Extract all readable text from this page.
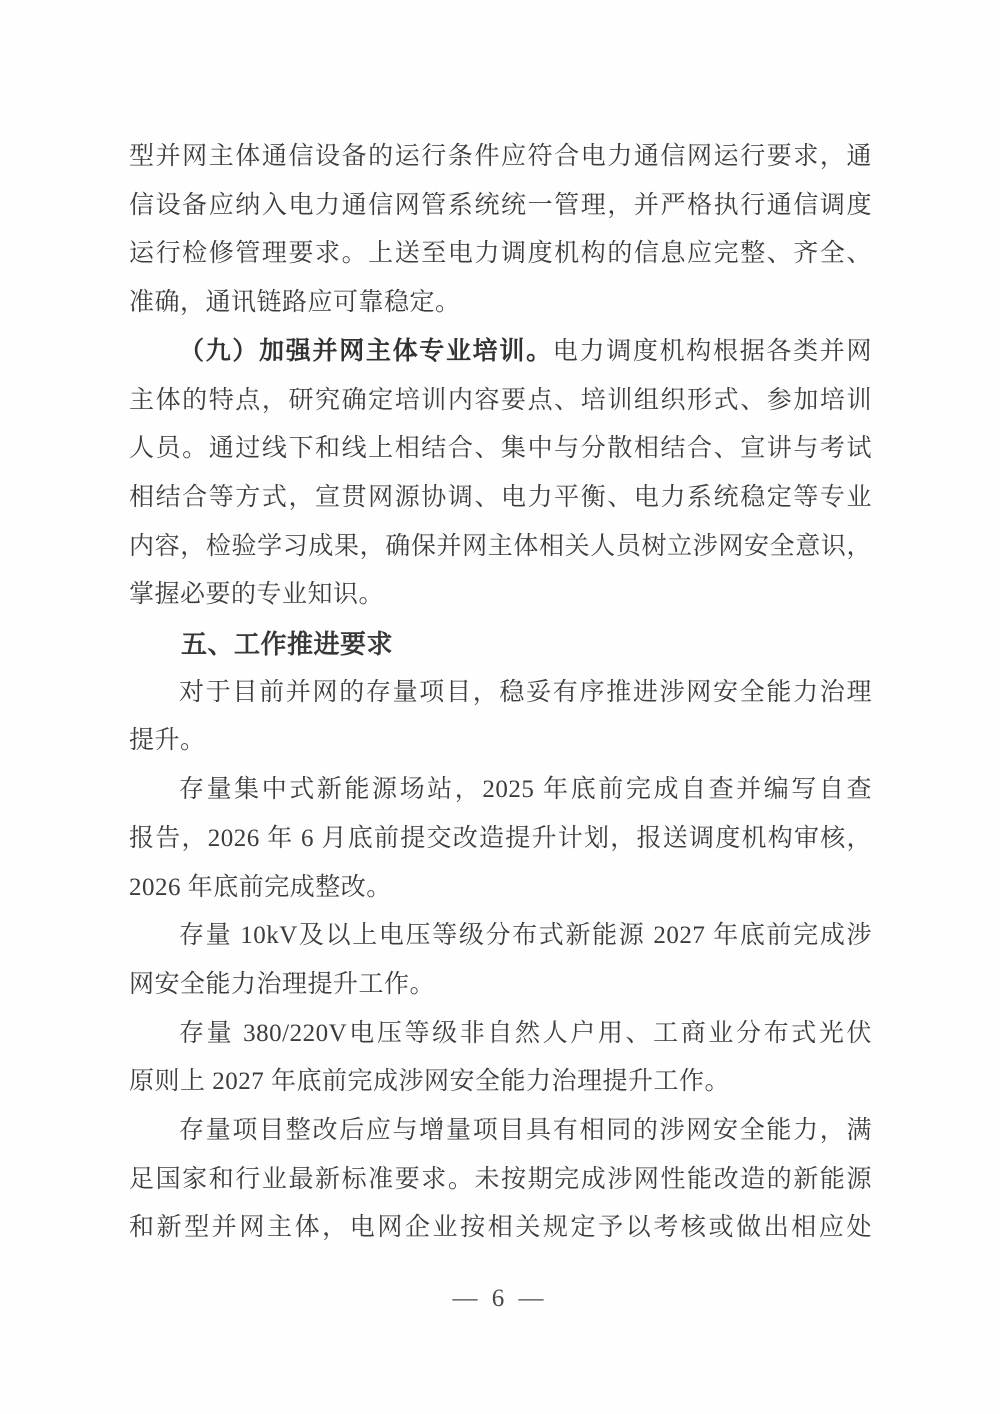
型并网主体通信设备的运行条件应符合电力通信网运行要求，通

信设备应纳入电力通信网管系统统一管理，并严格执行通信调度

运行检修管理要求。上送至电力调度机构的信息应完整、齐全、

准确，通讯链路应可靠稳定。

（九）加强并网主体专业培训。电力调度机构根据各类并网

主体的特点，研究确定培训内容要点、培训组织形式、参加培训

人员。通过线下和线上相结合、集中与分散相结合、宣讲与考试

相结合等方式，宣贯网源协调、电力平衡、电力系统稳定等专业

内容，检验学习成果，确保并网主体相关人员树立涉网安全意识，

掌握必要的专业知识。

五、工作推进要求

对于目前并网的存量项目，稳妥有序推进涉网安全能力治理

提升。

存量集中式新能源场站，2025 年底前完成自查并编写自查

报告，2026 年 6 月底前提交改造提升计划，报送调度机构审核，

2026 年底前完成整改。

存量 10kV及以上电压等级分布式新能源 2027 年底前完成涉

网安全能力治理提升工作。

存量 380/220V电压等级非自然人户用、工商业分布式光伏

原则上 2027 年底前完成涉网安全能力治理提升工作。

存量项目整改后应与增量项目具有相同的涉网安全能力，满

足国家和行业最新标准要求。未按期完成涉网性能改造的新能源

和新型并网主体，电网企业按相关规定予以考核或做出相应处

— 6 —
